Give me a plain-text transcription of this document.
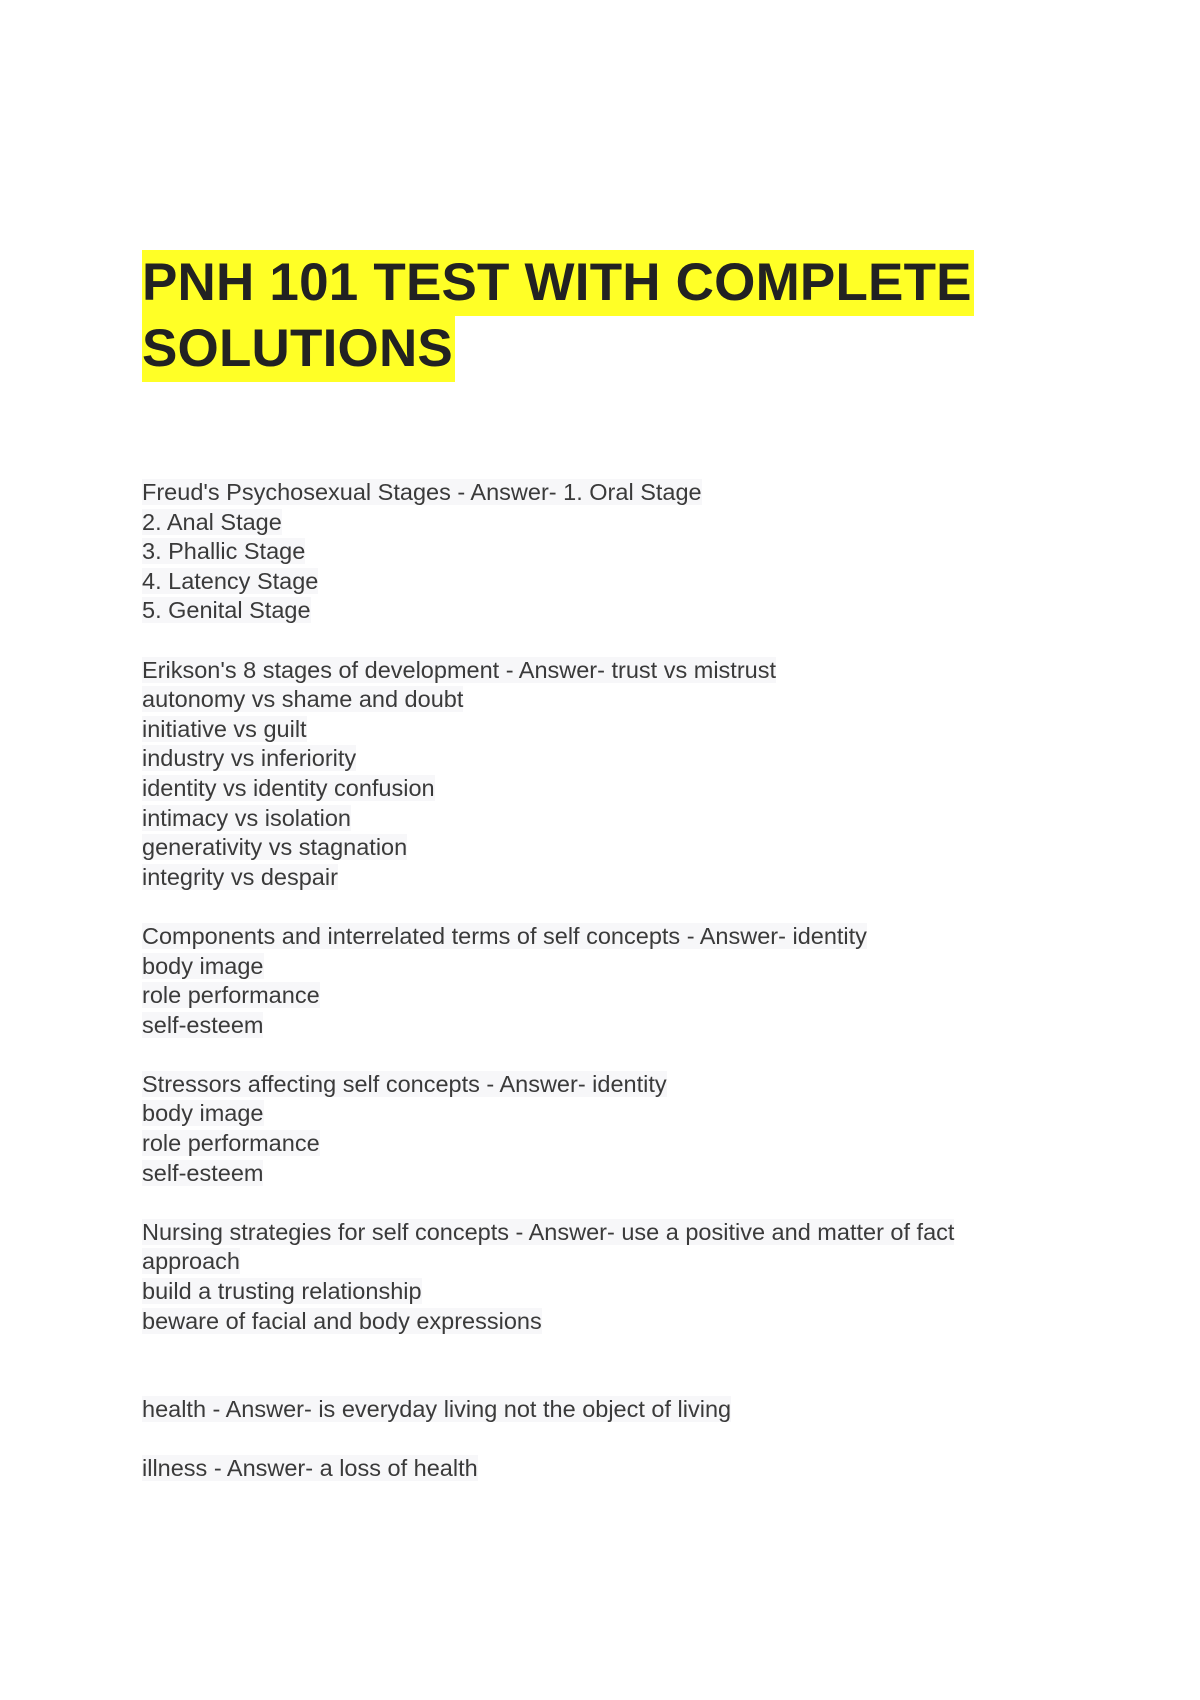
PNH 101 TEST WITH COMPLETE
SOLUTIONS
Freud's Psychosexual Stages - Answer- 1. Oral Stage
2. Anal Stage
3. Phallic Stage
4. Latency Stage
5. Genital Stage
Erikson's 8 stages of development - Answer- trust vs mistrust
autonomy vs shame and doubt
initiative vs guilt
industry vs inferiority
identity vs identity confusion
intimacy vs isolation
generativity vs stagnation
integrity vs despair
Components and interrelated terms of self concepts - Answer- identity
body image
role performance
self-esteem
Stressors affecting self concepts - Answer- identity
body image
role performance
self-esteem
Nursing strategies for self concepts - Answer- use a positive and matter of fact
approach
build a trusting relationship
beware of facial and body expressions
health - Answer- is everyday living not the object of living
illness - Answer- a loss of health
